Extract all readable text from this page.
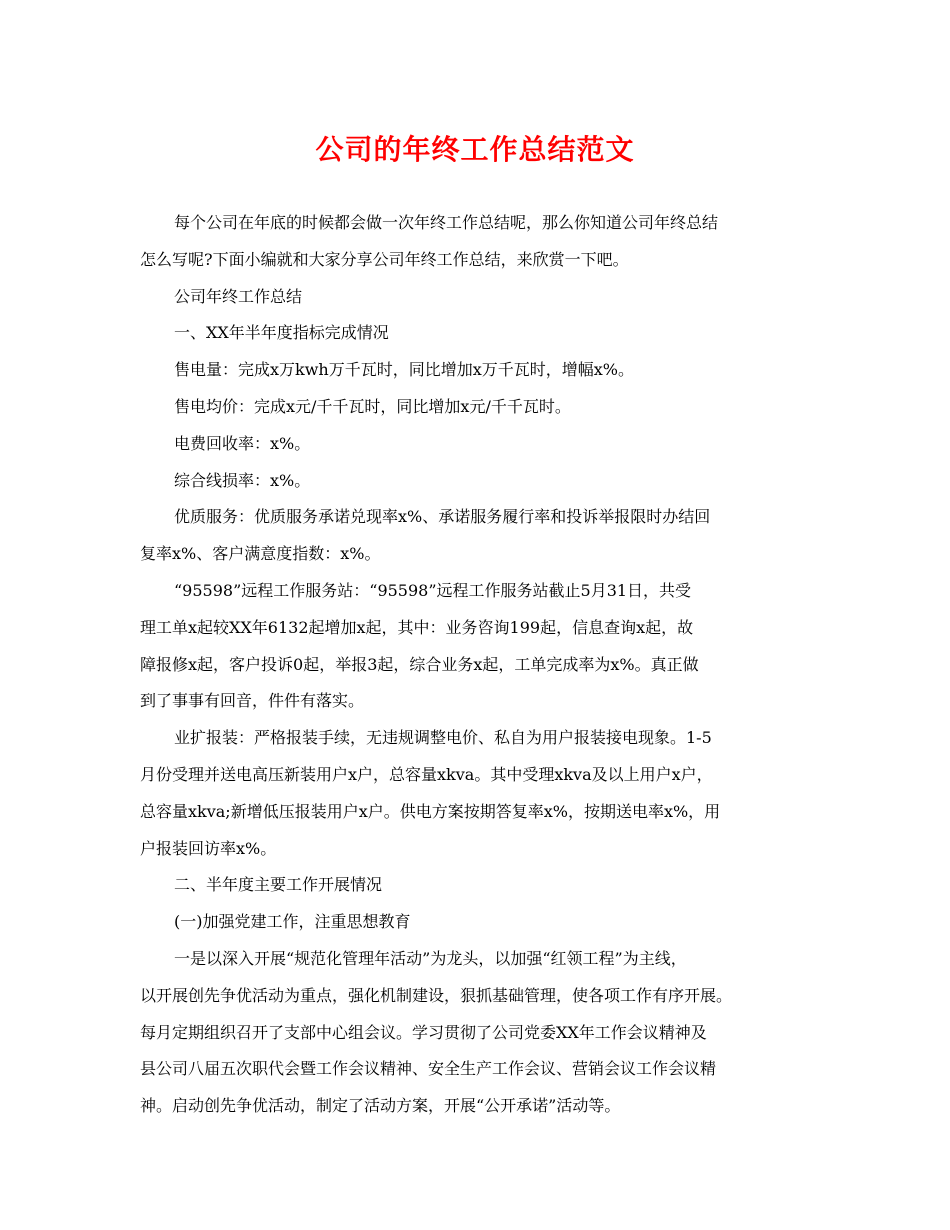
公司的年终工作总结范文
每个公司在年底的时候都会做一次年终工作总结呢，那么你知道公司年终总结
怎么写呢?下面小编就和大家分享公司年终工作总结，来欣赏一下吧。
公司年终工作总结
一、XX年半年度指标完成情况
售电量：完成x万kwh万千瓦时，同比增加x万千瓦时，增幅x%。
售电均价：完成x元/千千瓦时，同比增加x元/千千瓦时。
电费回收率：x%。
综合线损率：x%。
优质服务：优质服务承诺兑现率x%、承诺服务履行率和投诉举报限时办结回
复率x%、客户满意度指数：x%。
“95598”远程工作服务站：“95598”远程工作服务站截止5月31日，共受
理工单x起较XX年6132起增加x起，其中：业务咨询199起，信息查询x起，故
障报修x起，客户投诉0起，举报3起，综合业务x起，工单完成率为x%。真正做
到了事事有回音，件件有落实。
业扩报装：严格报装手续，无违规调整电价、私自为用户报装接电现象。1-5
月份受理并送电高压新装用户x户，总容量xkva。其中受理xkva及以上用户x户，
总容量xkva;新增低压报装用户x户。供电方案按期答复率x%，按期送电率x%，用
户报装回访率x%。
二、半年度主要工作开展情况
(一)加强党建工作，注重思想教育
一是以深入开展“规范化管理年活动”为龙头，以加强“红领工程”为主线，
以开展创先争优活动为重点，强化机制建设，狠抓基础管理，使各项工作有序开展。
每月定期组织召开了支部中心组会议。学习贯彻了公司党委XX年工作会议精神及
县公司八届五次职代会暨工作会议精神、安全生产工作会议、营销会议工作会议精
神。启动创先争优活动，制定了活动方案，开展“公开承诺”活动等。
